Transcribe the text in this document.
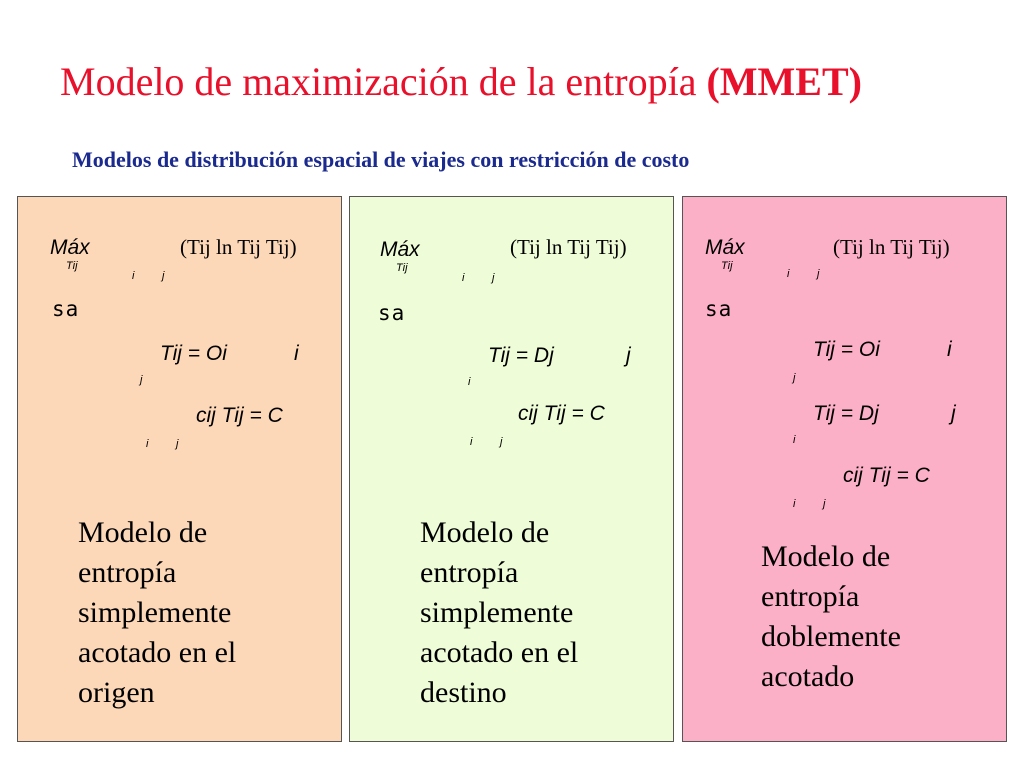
Modelo de maximización de la entropía (MMET)
Modelos de distribución espacial de viajes con restricción de costo
Máx
Tij
i	j
(Tij ln Tij Tij)
sa
Tij = Oi	i
j
cij Tij = C
i	j
Modelo de
entropía
simplemente
acotado en el
origen
Máx
Tij
i	j
(Tij ln Tij Tij)
sa
Tij = Dj	j
i
cij Tij = C
i	j
Modelo de
entropía
simplemente
acotado en el
destino
Máx
Tij
i	j
(Tij ln Tij Tij)
sa
Tij = Oi	i
j
Tij = Dj	j
i
cij Tij = C
i	j
Modelo de
entropía
doblemente
acotado
